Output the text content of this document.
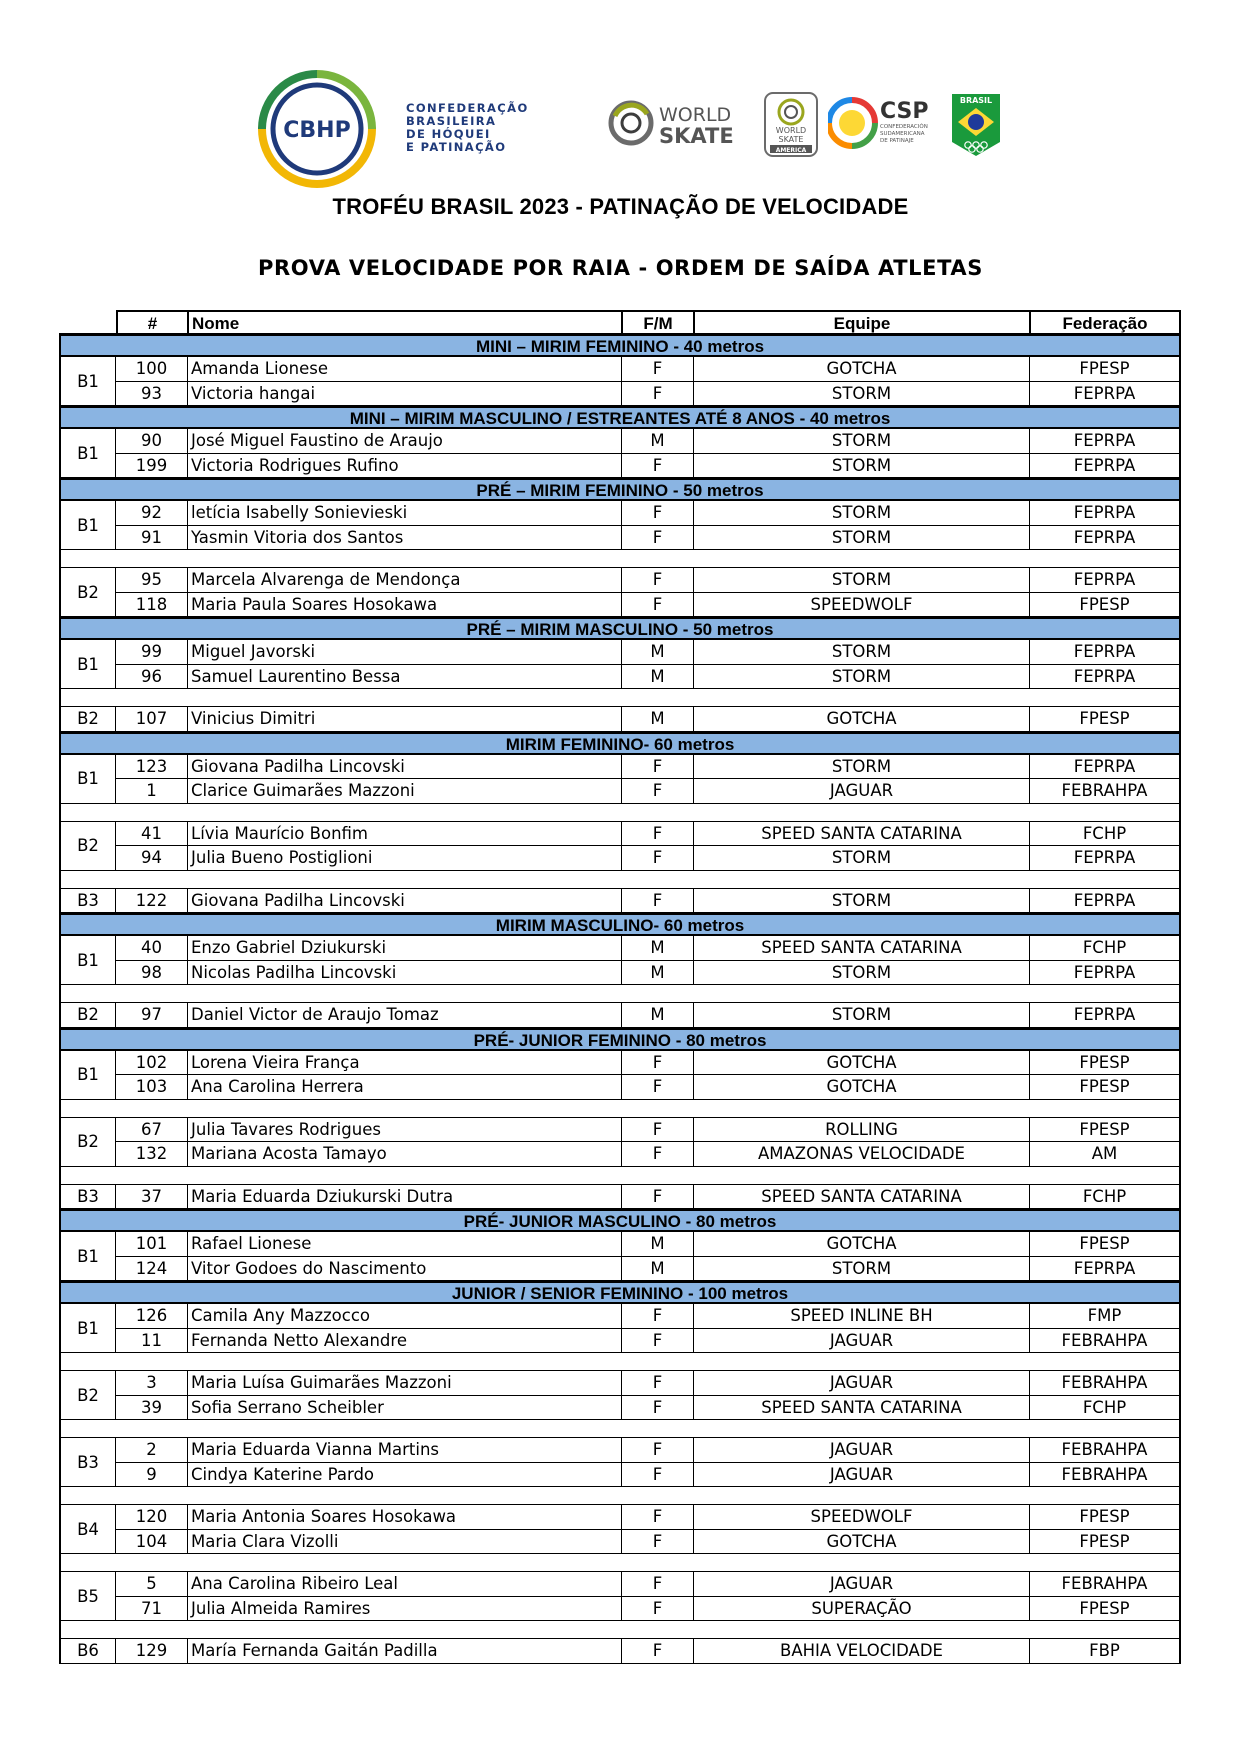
CBHP
CONFEDERAÇÃO
BRASILEIRA
DE HÓQUEI
E PATINAÇÃO
WORLD
SKATE	WORLD
SKATE
AMERICA
CSP
CONFEDERACIÓN
SUDAMERICANA
DE PATINAJE
BRASIL
TROFÉU BRASIL 2023 - PATINAÇÃO DE VELOCIDADE
PROVA VELOCIDADE POR RAIA - ORDEM DE SAÍDA ATLETAS
#	Nome	F/M	Equipe	Federação
MINI – MIRIM FEMININO - 40 metros
B1
100	Amanda Lionese	F	GOTCHA	FPESP
93	Victoria hangai	F	STORM	FEPRPA
MINI – MIRIM MASCULINO / ESTREANTES ATÉ 8 ANOS - 40 metros
B1
90	José Miguel Faustino de Araujo	M	STORM	FEPRPA
199	Victoria Rodrigues Rufino	F	STORM	FEPRPA
PRÉ – MIRIM FEMININO - 50 metros
B1
92	letícia Isabelly Sonievieski	F	STORM	FEPRPA
91	Yasmin Vitoria dos Santos	F	STORM	FEPRPA
B2
95	Marcela Alvarenga de Mendonça	F	STORM	FEPRPA
118	Maria Paula Soares Hosokawa	F	SPEEDWOLF	FPESP
PRÉ – MIRIM MASCULINO - 50 metros
B1
99	Miguel Javorski	M	STORM	FEPRPA
96	Samuel Laurentino Bessa	M	STORM	FEPRPA
B2	107	Vinicius Dimitri	M	GOTCHA	FPESP
MIRIM FEMININO- 60 metros
B1
123	Giovana Padilha Lincovski	F	STORM	FEPRPA
1	Clarice Guimarães Mazzoni	F	JAGUAR	FEBRAHPA
B2
41	Lívia Maurício Bonfim	F	SPEED SANTA CATARINA	FCHP
94	Julia Bueno Postiglioni	F	STORM	FEPRPA
B3	122	Giovana Padilha Lincovski	F	STORM	FEPRPA
MIRIM MASCULINO- 60 metros
B1
40	Enzo Gabriel Dziukurski	M	SPEED SANTA CATARINA	FCHP
98	Nicolas Padilha Lincovski	M	STORM	FEPRPA
B2	97	Daniel Victor de Araujo Tomaz	M	STORM	FEPRPA
PRÉ- JUNIOR FEMININO - 80 metros
B1
102	Lorena Vieira França	F	GOTCHA	FPESP
103	Ana Carolina Herrera	F	GOTCHA	FPESP
B2
67	Julia Tavares Rodrigues	F	ROLLING	FPESP
132	Mariana Acosta Tamayo	F	AMAZONAS VELOCIDADE	AM
B3	37	Maria Eduarda Dziukurski Dutra	F	SPEED SANTA CATARINA	FCHP
PRÉ- JUNIOR MASCULINO - 80 metros
B1
101	Rafael Lionese	M	GOTCHA	FPESP
124	Vitor Godoes do Nascimento	M	STORM	FEPRPA
JUNIOR / SENIOR FEMININO - 100 metros
B1
126	Camila Any Mazzocco	F	SPEED INLINE BH	FMP
11	Fernanda Netto Alexandre	F	JAGUAR	FEBRAHPA
B2
3	Maria Luísa Guimarães Mazzoni	F	JAGUAR	FEBRAHPA
39	Sofia Serrano Scheibler	F	SPEED SANTA CATARINA	FCHP
B3
2	Maria Eduarda Vianna Martins	F	JAGUAR	FEBRAHPA
9	Cindya Katerine Pardo	F	JAGUAR	FEBRAHPA
B4
120	Maria Antonia Soares Hosokawa	F	SPEEDWOLF	FPESP
104	Maria Clara Vizolli	F	GOTCHA	FPESP
B5
5	Ana Carolina Ribeiro Leal	F	JAGUAR	FEBRAHPA
71	Julia Almeida Ramires	F	SUPERAÇÃO	FPESP
B6	129	María Fernanda Gaitán Padilla	F	BAHIA VELOCIDADE	FBP
